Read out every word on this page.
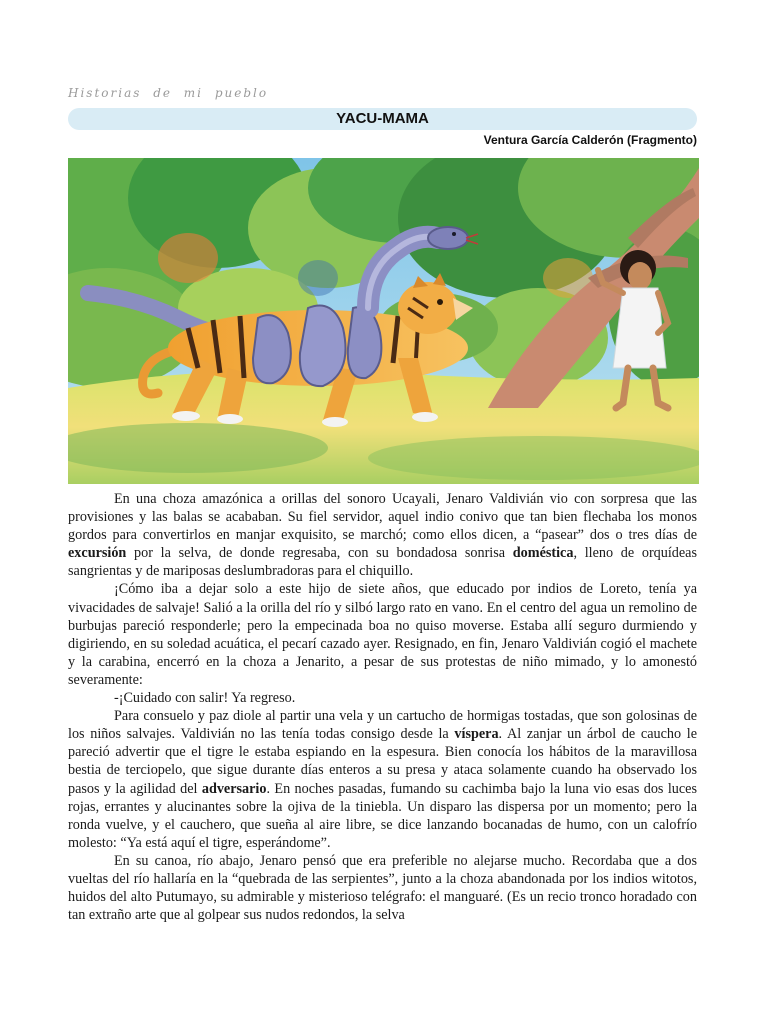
Historias de mi pueblo
YACU-MAMA
Ventura García Calderón (Fragmento)

En una choza amazónica a orillas del sonoro Ucayali, Jenaro Valdivián vio con sorpresa que las provisiones y las balas se acababan. Su fiel servidor, aquel indio conivo que tan bien flechaba los monos gordos para convertirlos en manjar exquisito, se marchó; como ellos dicen, a “pasear” dos o tres días de excursión por la selva, de donde regresaba, con su bondadosa sonrisa doméstica, lleno de orquídeas sangrientas y de mariposas deslumbradoras para el chiquillo.

¡Cómo iba a dejar solo a este hijo de siete años, que educado por indios de Loreto, tenía ya vivacidades de salvaje! Salió a la orilla del río y silbó largo rato en vano. En el centro del agua un remolino de burbujas pareció responderle; pero la empecinada boa no quiso moverse. Estaba allí seguro durmiendo y digiriendo, en su soledad acuática, el pecarí cazado ayer. Resignado, en fin, Jenaro Valdivián cogió el machete y la carabina, encerró en la choza a Jenarito, a pesar de sus protestas de niño mimado, y lo amonestó severamente:

-¡Cuidado con salir! Ya regreso.

Para consuelo y paz diole al partir una vela y un cartucho de hormigas tostadas, que son golosinas de los niños salvajes. Valdivián no las tenía todas consigo desde la víspera. Al zanjar un árbol de caucho le pareció advertir que el tigre le estaba espiando en la espesura. Bien conocía los hábitos de la maravillosa bestia de terciopelo, que sigue durante días enteros a su presa y ataca solamente cuando ha observado los pasos y la agilidad del adversario. En noches pasadas, fumando su cachimba bajo la luna vio esas dos luces rojas, errantes y alucinantes sobre la ojiva de la tiniebla. Un disparo las dispersa por un momento; pero la ronda vuelve, y el cauchero, que sueña al aire libre, se dice lanzando bocanadas de humo, con un calofrío molesto: “Ya está aquí el tigre, esperándome”.

En su canoa, río abajo, Jenaro pensó que era preferible no alejarse mucho. Recordaba que a dos vueltas del río hallaría en la “quebrada de las serpientes”, junto a la choza abandonada por los indios witotos, huidos del alto Putumayo, su admirable y misterioso telégrafo: el manguaré. (Es un recio tronco horadado con tan extraño arte que al golpear sus nudos redondos, la selva
